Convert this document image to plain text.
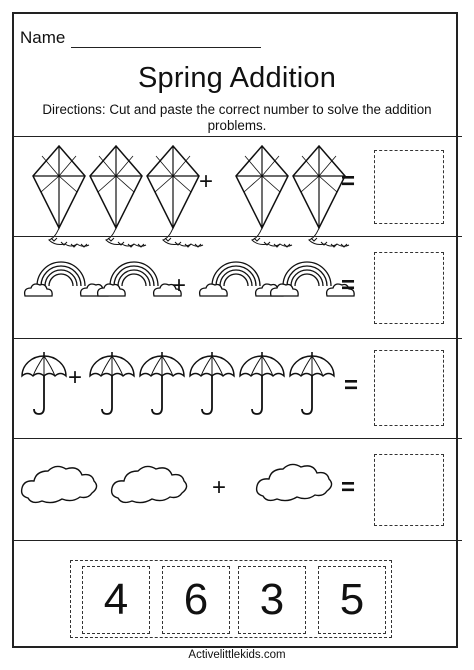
Name
Spring Addition
Directions: Cut and paste the correct number to solve the addition problems.
+	=
+	=
+	=
+	=
4	6	3	5
Activelittlekids.com
